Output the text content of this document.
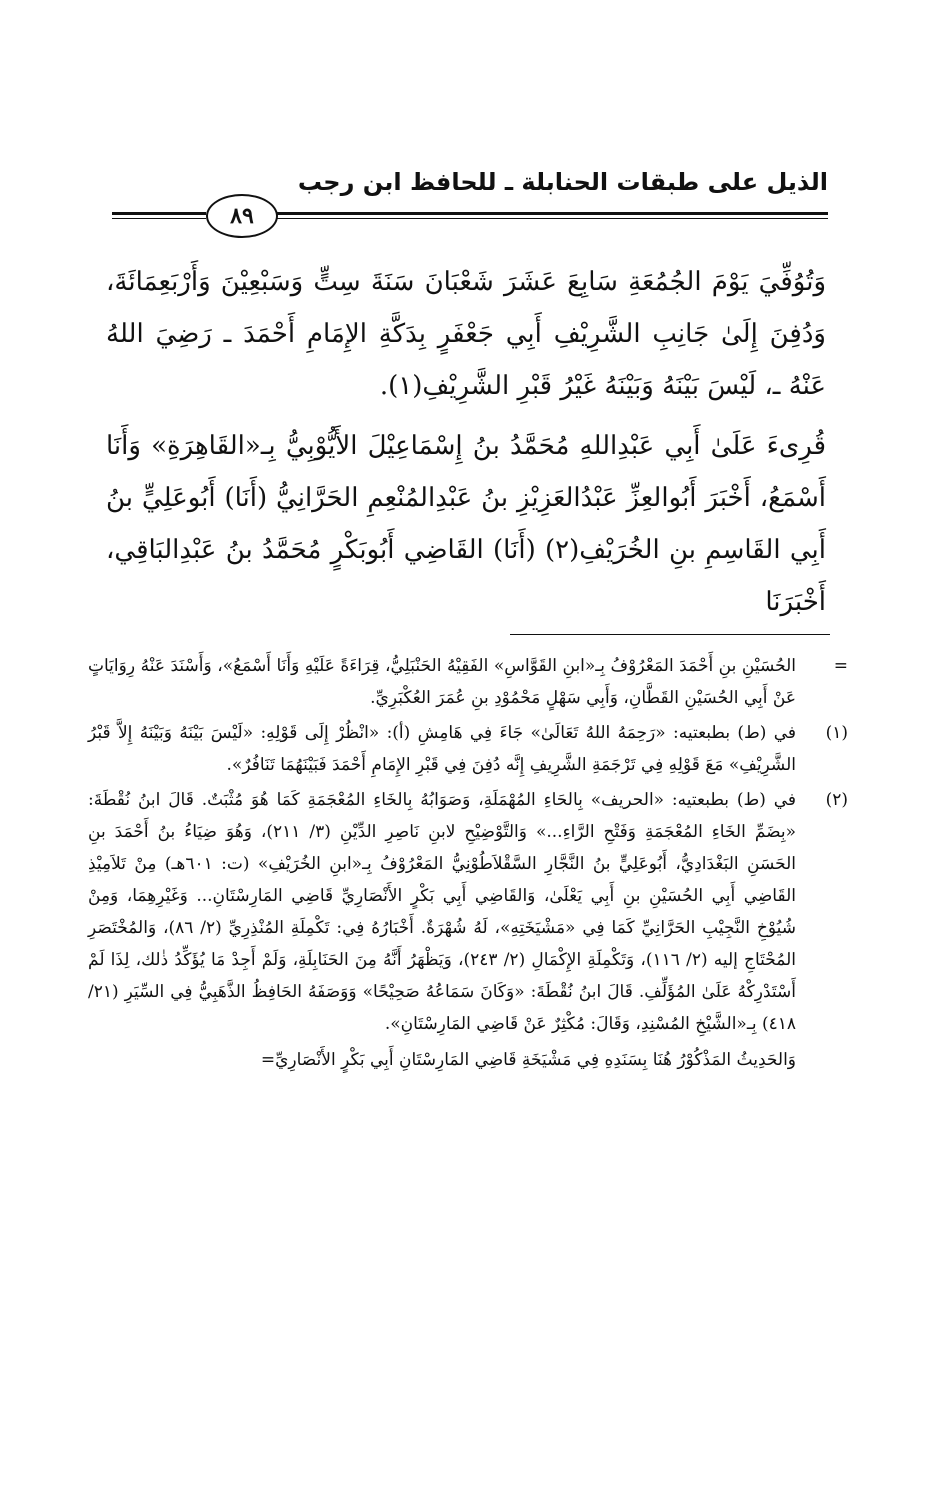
الذيل على طبقات الحنابلة ـ للحافظ ابن رجب
٨٩

وَتُوُفِّيَ يَوْمَ الجُمُعَةِ سَابِعَ عَشَرَ شَعْبَانَ سَنَةَ سِتٍّ وَسَبْعِيْنَ وَأَرْبَعِمَائَةَ، وَدُفِنَ إِلَىٰ جَانِبِ الشَّرِيْفِ أَبِي جَعْفَرٍ بِدَكَّةِ الإِمَامِ أَحْمَدَ ـ رَضِيَ اللهُ عَنْهُ ـ، لَيْسَ بَيْنَهُ وَبَيْنَهُ غَيْرُ قَبْرِ الشَّرِيْفِ(١).

قُرِىءَ عَلَىٰ أَبِي عَبْدِاللهِ مُحَمَّدُ بنُ إِسْمَاعِيْلَ الأَيُّوْبِيُّ بِـ«القَاهِرَةِ» وَأَنَا أَسْمَعُ، أَخْبَرَ أَبُوالعِزِّ عَبْدُالعَزِيْزِ بنُ عَبْدِالمُنْعِمِ الحَرَّانِيُّ (أَنَا) أَبُوعَلِيٍّ بنُ أَبِي القَاسِمِ بنِ الخُرَيْفِ(٢) (أَنَا) القَاضِي أَبُوبَكْرٍ مُحَمَّدُ بنُ عَبْدِالبَاقِي، أَخْبَرَنَا

=
الحُسَيْنِ بنِ أَحْمَدَ المَعْرُوْفُ بِـ«ابنِ القَوَّاسِ» الفَقِيْهُ الحَنْبَلِيُّ، قِرَاءَةً عَلَيْهِ وَأَنَا أَسْمَعُ»، وَأَسْنَدَ عَنْهُ رِوَايَاتٍ عَنْ أَبِي الحُسَيْنِ القَطَّانِ، وَأَبِي سَهْلٍ مَحْمُوْدِ بنِ عُمَرَ العُكْبَرِيِّ.
(١)
في (ط) بطبعتيه: «رَحِمَهُ اللهُ تَعَالَىٰ» جَاءَ فِي هَامِشِ (أ): «انْظُرْ إِلَى قَوْلِهِ: «لَيْسَ بَيْنَهُ وَبَيْنَهُ إِلاَّ قَبْرُ الشَّرِيْفِ» مَعَ قَوْلِهِ فِي تَرْجَمَةِ الشَّرِيفِ إِنَّه دُفِنَ فِي قَبْرِ الإِمَامِ أَحْمَدَ فَبَيْنَهُمَا تَنَافُرٌ».
(٢)
في (ط) بطبعتيه: «الحريف» بِالحَاءِ المُهْمَلَةِ، وَصَوَابُهُ بِالخَاءِ المُعْجَمَةِ كَمَا هُوَ مُثْبَتٌ. قَالَ ابنُ نُقْطَةَ: «بِضَمِّ الخَاءِ المُعْجَمَةِ وَفَتْحِ الرَّاءِ...» وَالتَّوْضِيْحِ لابنِ نَاصِرِ الدِّيْنِ (٣/ ٢١١)، وَهُوَ ضِيَاءُ بنُ أَحْمَدَ بنِ الحَسَنِ البَغْدَادِيُّ، أَبُوعَلِيٍّ بنُ النَّجَّارِ السَّقْلاَطُوْنِيُّ المَعْرُوْفُ بِـ«ابنِ الخُرَيْفِ» (ت: ٦٠١هـ) مِنْ تَلاَمِيْذِ القَاضِي أَبِي الحُسَيْنِ بنِ أَبِي يَعْلَىٰ، وَالقَاضِي أَبِي بَكْرٍ الأَنْصَارِيِّ قَاضِي المَارِسْتَانِ... وَغَيْرِهِمَا، وَمِنْ شُيُوْخِ النَّجِيْبِ الحَرَّانِيِّ كَمَا فِي «مَشْيَخَتِهِ»، لَهُ شُهْرَةٌ. أَخْبَارُهُ فِي: تَكْمِلَةِ المُنْذِرِيِّ (٢/ ٨٦)، وَالمُخْتَصَرِ المُحْتَاجِ إليه (٢/ ١١٦)، وَتَكْمِلَةِ الإِكْمَالِ (٢/ ٢٤٣)، وَيَظْهَرُ أَنَّهُ مِنَ الحَنَابِلَةِ، وَلَمْ أَجِدْ مَا يُؤَكِّدُ ذٰلك، لِذَا لَمْ أَسْتَدْرِكْهُ عَلَىٰ المُؤَلِّفِ. قَالَ ابنُ نُقْطَةَ: «وَكَانَ سَمَاعُهُ صَحِيْحًا» وَوَصَفَهُ الحَافِظُ الذَّهَبِيُّ فِي السِّيَرِ (٢١/ ٤١٨) بِـ«الشَّيْخِ المُسْنِدِ، وَقَالَ: مُكْثِرٌ عَنْ قَاضِي المَارِسْتَانِ».

وَالحَدِيثُ المَذْكُوْرُ هُنَا بِسَنَدِهِ فِي مَشْيَخَةِ قَاضِي المَارِسْتَانِ أَبِي بَكْرٍ الأَنْصَارِيِّ=
